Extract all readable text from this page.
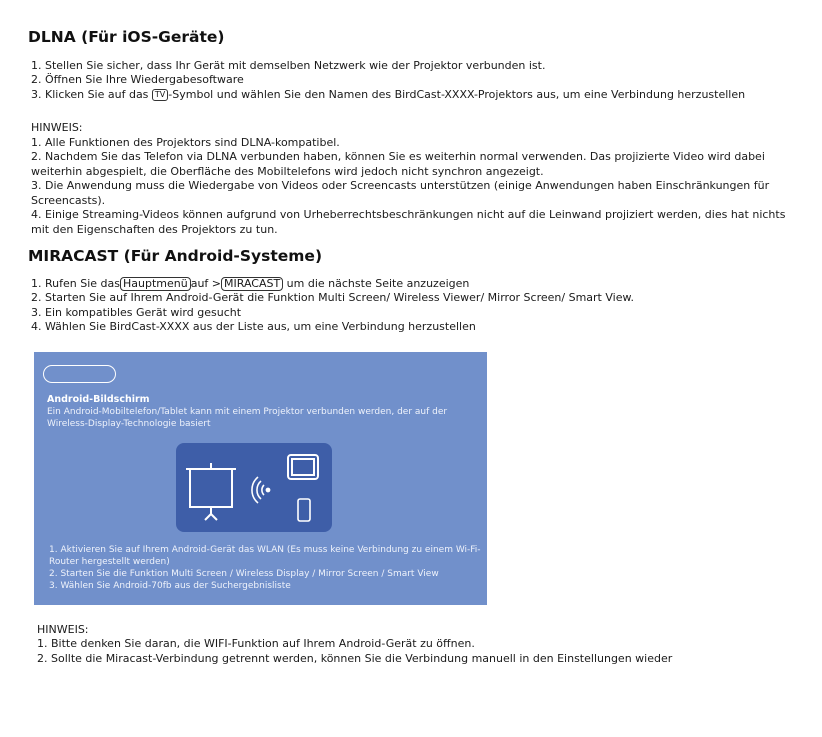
DLNA (Für iOS-Geräte)
1. Stellen Sie sicher, dass Ihr Gerät mit demselben Netzwerk wie der Projektor verbunden ist.
2. Öffnen Sie Ihre Wiedergabesoftware
3. Klicken Sie auf das TV -Symbol und wählen Sie den Namen des BirdCast-XXXX-Projektors aus, um eine Verbindung herzustellen
HINWEIS:
1. Alle Funktionen des Projektors sind DLNA-kompatibel.
2. Nachdem Sie das Telefon via DLNA verbunden haben, können Sie es weiterhin normal verwenden. Das projizierte Video wird dabei weiterhin abgespielt, die Oberfläche des Mobiltelefons wird jedoch nicht synchron angezeigt.
3. Die Anwendung muss die Wiedergabe von Videos oder Screencasts unterstützen (einige Anwendungen haben Einschränkungen für Screencasts).
4. Einige Streaming-Videos können aufgrund von Urheberrechtsbeschränkungen nicht auf die Leinwand projiziert werden, dies hat nichts mit den Eigenschaften des Projektors zu tun.
MIRACAST (Für Android-Systeme)
1. Rufen Sie das Hauptmenü auf > MIRACAST um die nächste Seite anzuzeigen
2. Starten Sie auf Ihrem Android-Gerät die Funktion Multi Screen/ Wireless Viewer/ Mirror Screen/ Smart View.
3. Ein kompatibles Gerät wird gesucht
4. Wählen Sie BirdCast-XXXX aus der Liste aus, um eine Verbindung herzustellen
Android-Bildschirm
Ein Android-Mobiltelefon/Tablet kann mit einem Projektor verbunden werden, der auf der Wireless-Display-Technologie basiert
1. Aktivieren Sie auf Ihrem Android-Gerät das WLAN (Es muss keine Verbindung zu einem Wi-Fi-Router hergestellt werden)
2. Starten Sie die Funktion Multi Screen / Wireless Display / Mirror Screen / Smart View
3. Wählen Sie Android-70fb aus der Suchergebnisliste
HINWEIS:
1. Bitte denken Sie daran, die WIFI-Funktion auf Ihrem Android-Gerät zu öffnen.
2. Sollte die Miracast-Verbindung getrennt werden, können Sie die Verbindung manuell in den Einstellungen wieder
